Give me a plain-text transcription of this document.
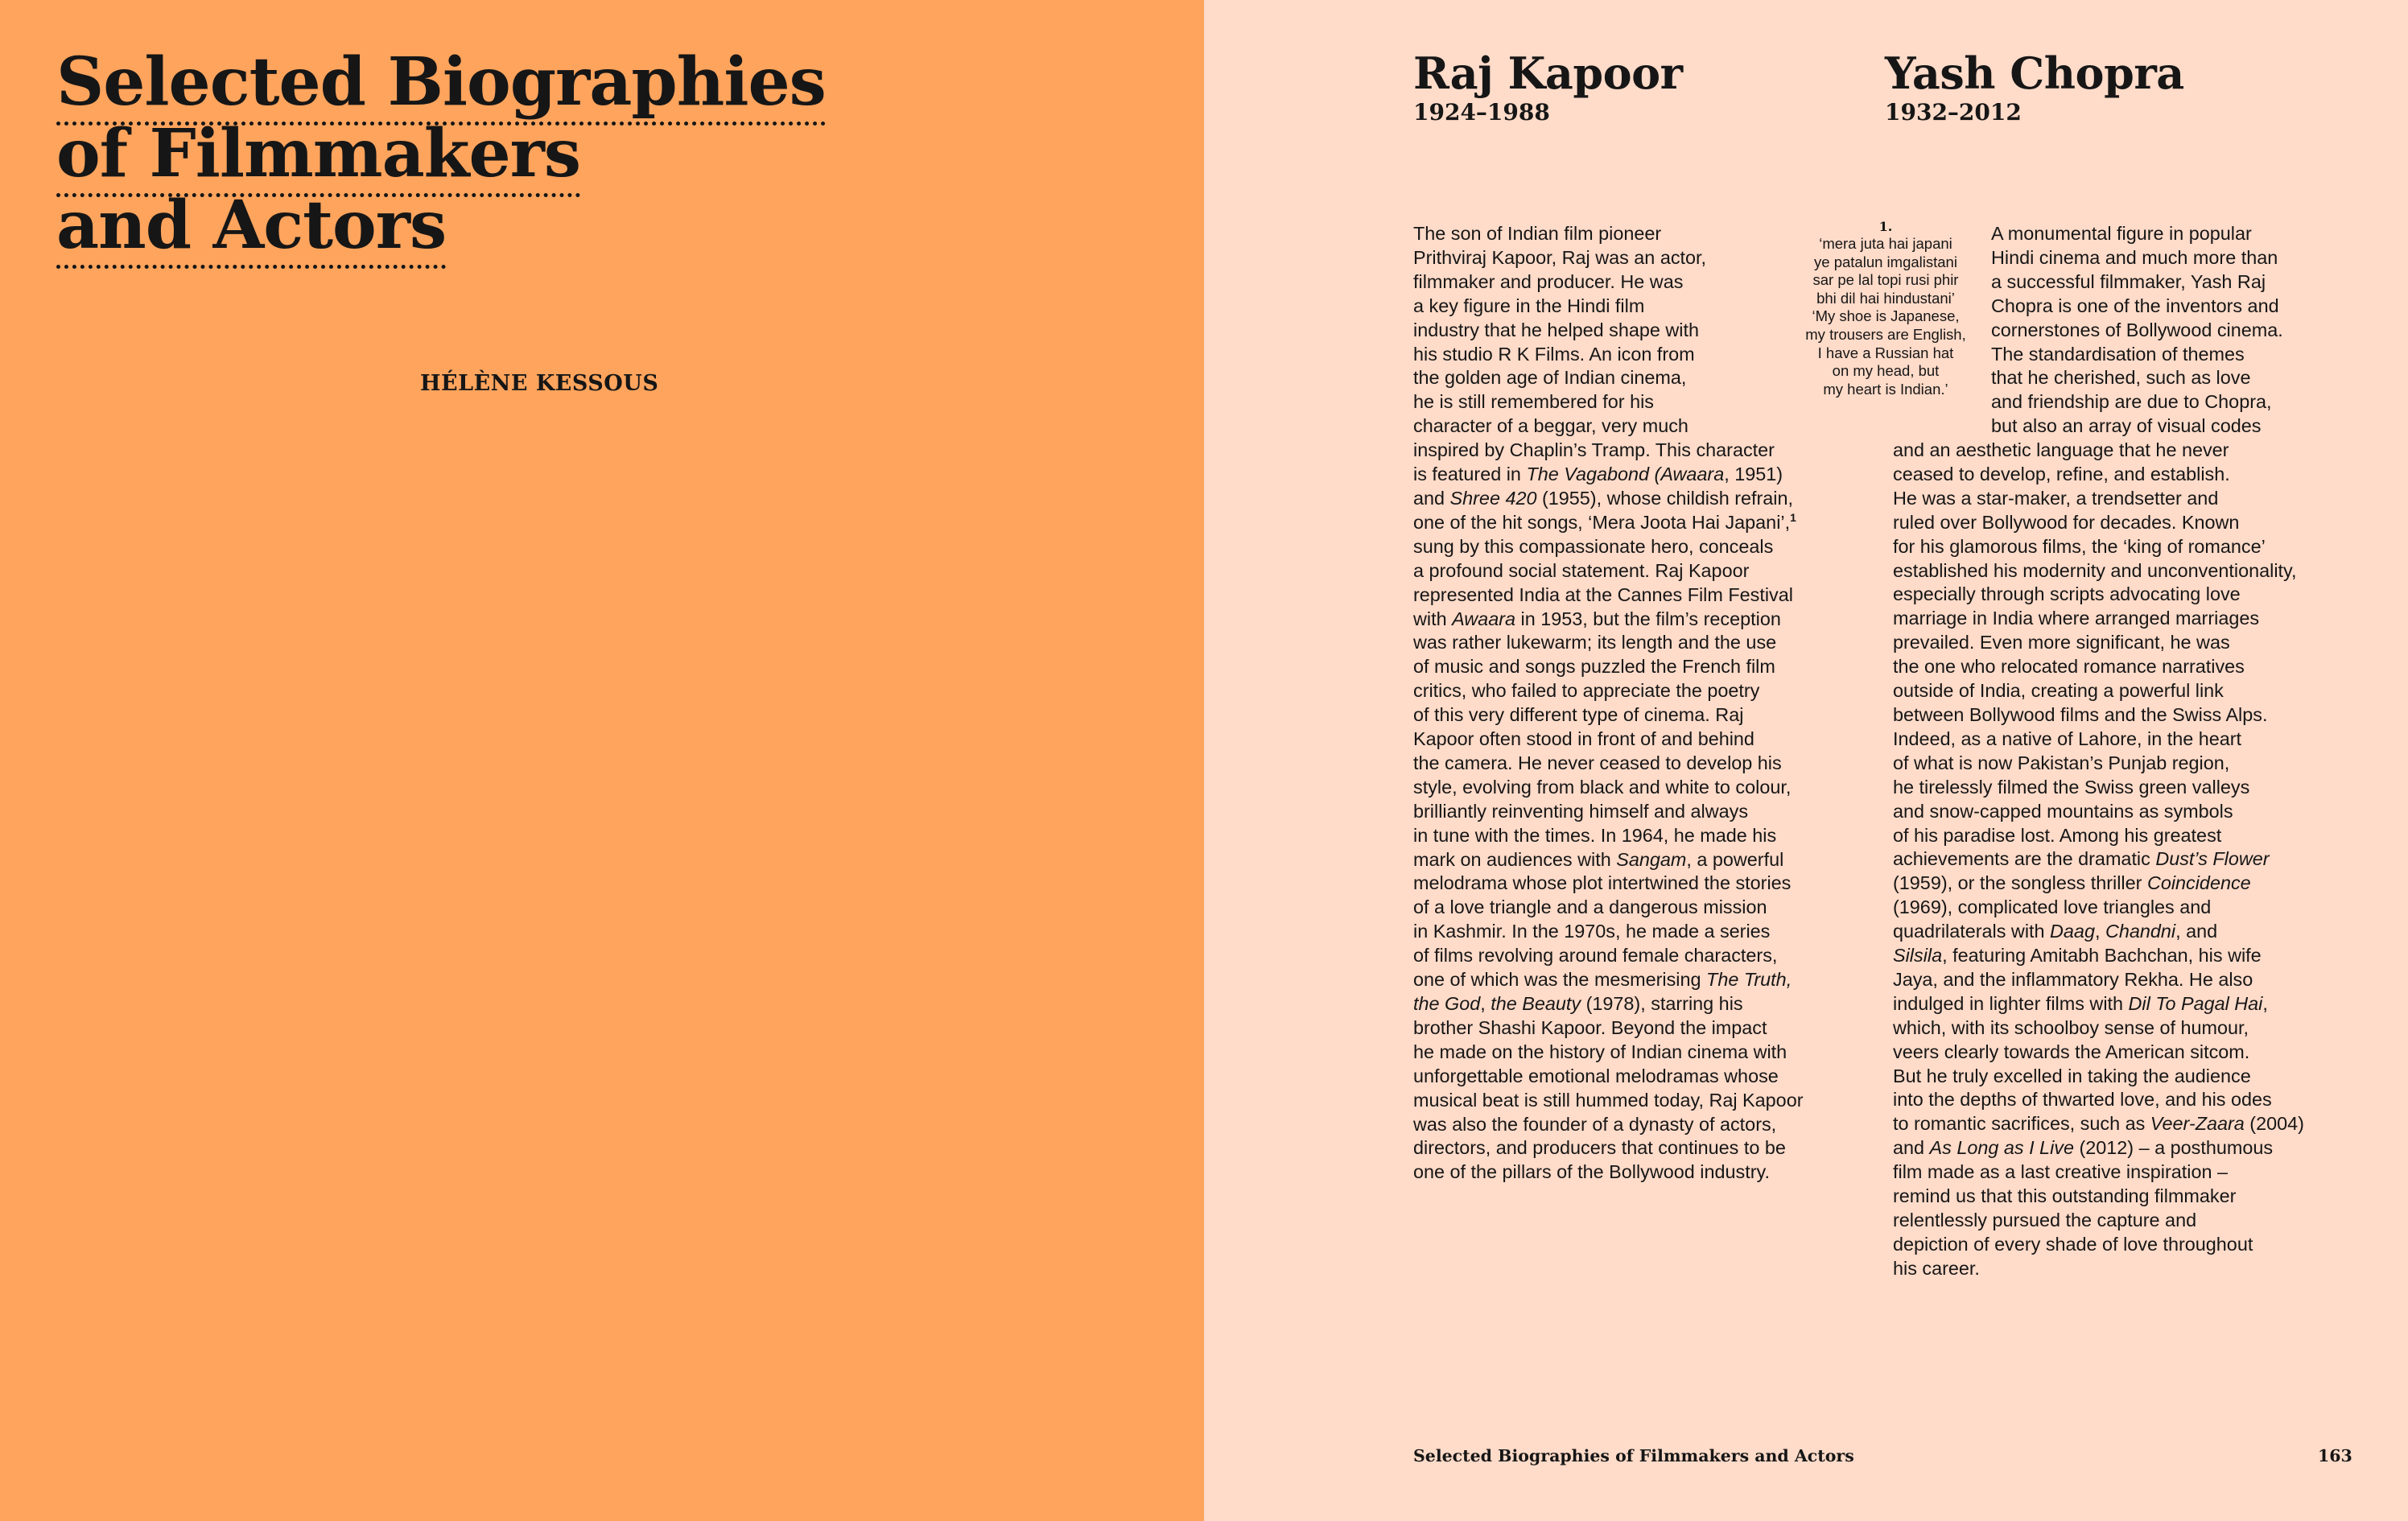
Selected Biographies
of Filmmakers
and Actors
HÉLÈNE KESSOUS
Raj Kapoor
1924–1988
Yash Chopra
1932–2012
The son of Indian film pioneer
Prithviraj Kapoor, Raj was an actor,
filmmaker and producer. He was
a key figure in the Hindi film
industry that he helped shape with
his studio R K Films. An icon from
the golden age of Indian cinema,
he is still remembered for his
character of a beggar, very much
inspired by Chaplin’s Tramp. This character
is featured in The Vagabond (Awaara, 1951)
and Shree 420 (1955), whose childish refrain,
one of the hit songs, ‘Mera Joota Hai Japani’,$^1$
sung by this compassionate hero, conceals
a profound social statement. Raj Kapoor
represented India at the Cannes Film Festival
with Awaara in 1953, but the film’s reception
was rather lukewarm; its length and the use
of music and songs puzzled the French film
critics, who failed to appreciate the poetry
of this very different type of cinema. Raj
Kapoor often stood in front of and behind
the camera. He never ceased to develop his
style, evolving from black and white to colour,
brilliantly reinventing himself and always
in tune with the times. In 1964, he made his
mark on audiences with Sangam, a powerful
melodrama whose plot intertwined the stories
of a love triangle and a dangerous mission
in Kashmir. In the 1970s, he made a series
of films revolving around female characters,
one of which was the mesmerising The Truth,
the God, the Beauty (1978), starring his
brother Shashi Kapoor. Beyond the impact
he made on the history of Indian cinema with
unforgettable emotional melodramas whose
musical beat is still hummed today, Raj Kapoor
was also the founder of a dynasty of actors,
directors, and producers that continues to be
one of the pillars of the Bollywood industry.
1.
‘mera juta hai japani
ye patalun imgalistani
sar pe lal topi rusi phir
bhi dil hai hindustani’
‘My shoe is Japanese,
my trousers are English,
I have a Russian hat
on my head, but
my heart is Indian.’
A monumental figure in popular
Hindi cinema and much more than
a successful filmmaker, Yash Raj
Chopra is one of the inventors and
cornerstones of Bollywood cinema.
The standardisation of themes
that he cherished, such as love
and friendship are due to Chopra,
but also an array of visual codes
and an aesthetic language that he never
ceased to develop, refine, and establish.
He was a star-maker, a trendsetter and
ruled over Bollywood for decades. Known
for his glamorous films, the ‘king of romance’
established his modernity and unconventionality,
especially through scripts advocating love
marriage in India where arranged marriages
prevailed. Even more significant, he was
the one who relocated romance narratives
outside of India, creating a powerful link
between Bollywood films and the Swiss Alps.
Indeed, as a native of Lahore, in the heart
of what is now Pakistan’s Punjab region,
he tirelessly filmed the Swiss green valleys
and snow-capped mountains as symbols
of his paradise lost. Among his greatest
achievements are the dramatic Dust’s Flower
(1959), or the songless thriller Coincidence
(1969), complicated love triangles and
quadrilaterals with Daag, Chandni, and
Silsila, featuring Amitabh Bachchan, his wife
Jaya, and the inflammatory Rekha. He also
indulged in lighter films with Dil To Pagal Hai,
which, with its schoolboy sense of humour,
veers clearly towards the American sitcom.
But he truly excelled in taking the audience
into the depths of thwarted love, and his odes
to romantic sacrifices, such as Veer-Zaara (2004)
and As Long as I Live (2012) – a posthumous
film made as a last creative inspiration –
remind us that this outstanding filmmaker
relentlessly pursued the capture and
depiction of every shade of love throughout
his career.
Selected Biographies of Filmmakers and Actors	163
